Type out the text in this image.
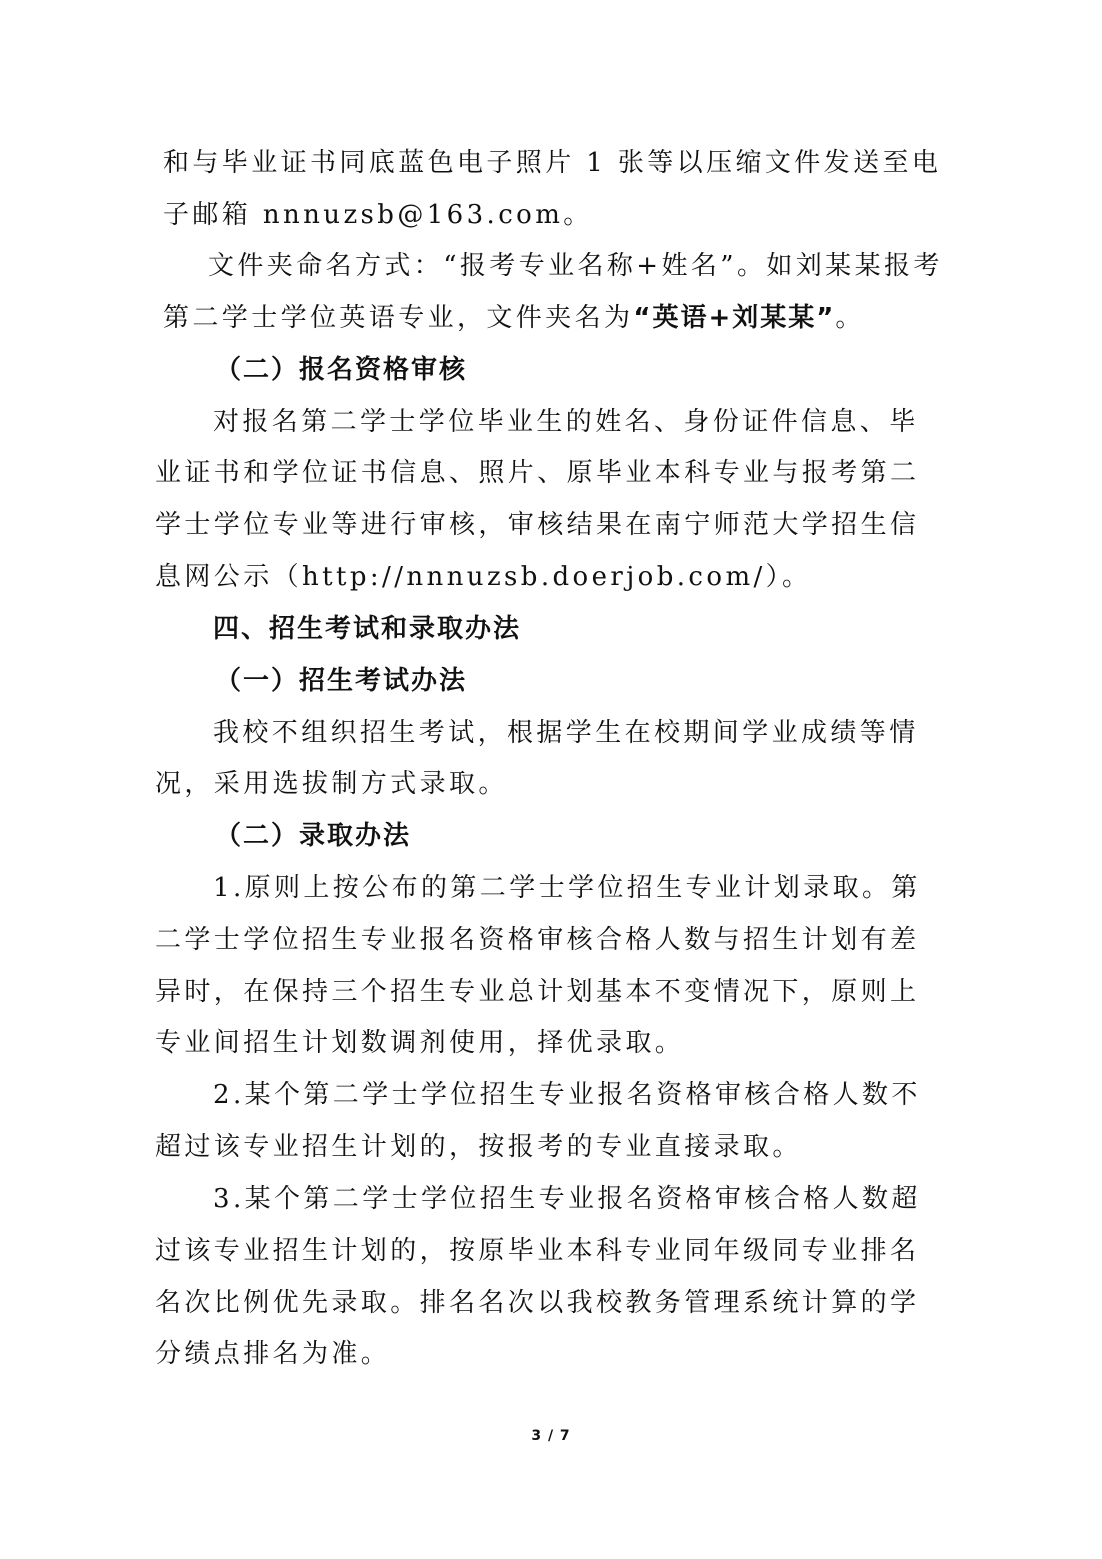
和与毕业证书同底蓝色电子照片 1 张等以压缩文件发送至电
子邮箱 nnnuzsb@163.com。
文件夹命名方式：“报考专业名称+姓名”。如刘某某报考
第二学士学位英语专业，文件夹名为“英语+刘某某”。
（二）报名资格审核
对报名第二学士学位毕业生的姓名、身份证件信息、毕
业证书和学位证书信息、照片、原毕业本科专业与报考第二
学士学位专业等进行审核，审核结果在南宁师范大学招生信
息网公示（http://nnnuzsb.doerjob.com/）。
四、招生考试和录取办法
（一）招生考试办法
我校不组织招生考试，根据学生在校期间学业成绩等情
况，采用选拔制方式录取。
（二）录取办法
1.原则上按公布的第二学士学位招生专业计划录取。第
二学士学位招生专业报名资格审核合格人数与招生计划有差
异时，在保持三个招生专业总计划基本不变情况下，原则上
专业间招生计划数调剂使用，择优录取。
2.某个第二学士学位招生专业报名资格审核合格人数不
超过该专业招生计划的，按报考的专业直接录取。
3.某个第二学士学位招生专业报名资格审核合格人数超
过该专业招生计划的，按原毕业本科专业同年级同专业排名
名次比例优先录取。排名名次以我校教务管理系统计算的学
分绩点排名为准。
3 / 7
